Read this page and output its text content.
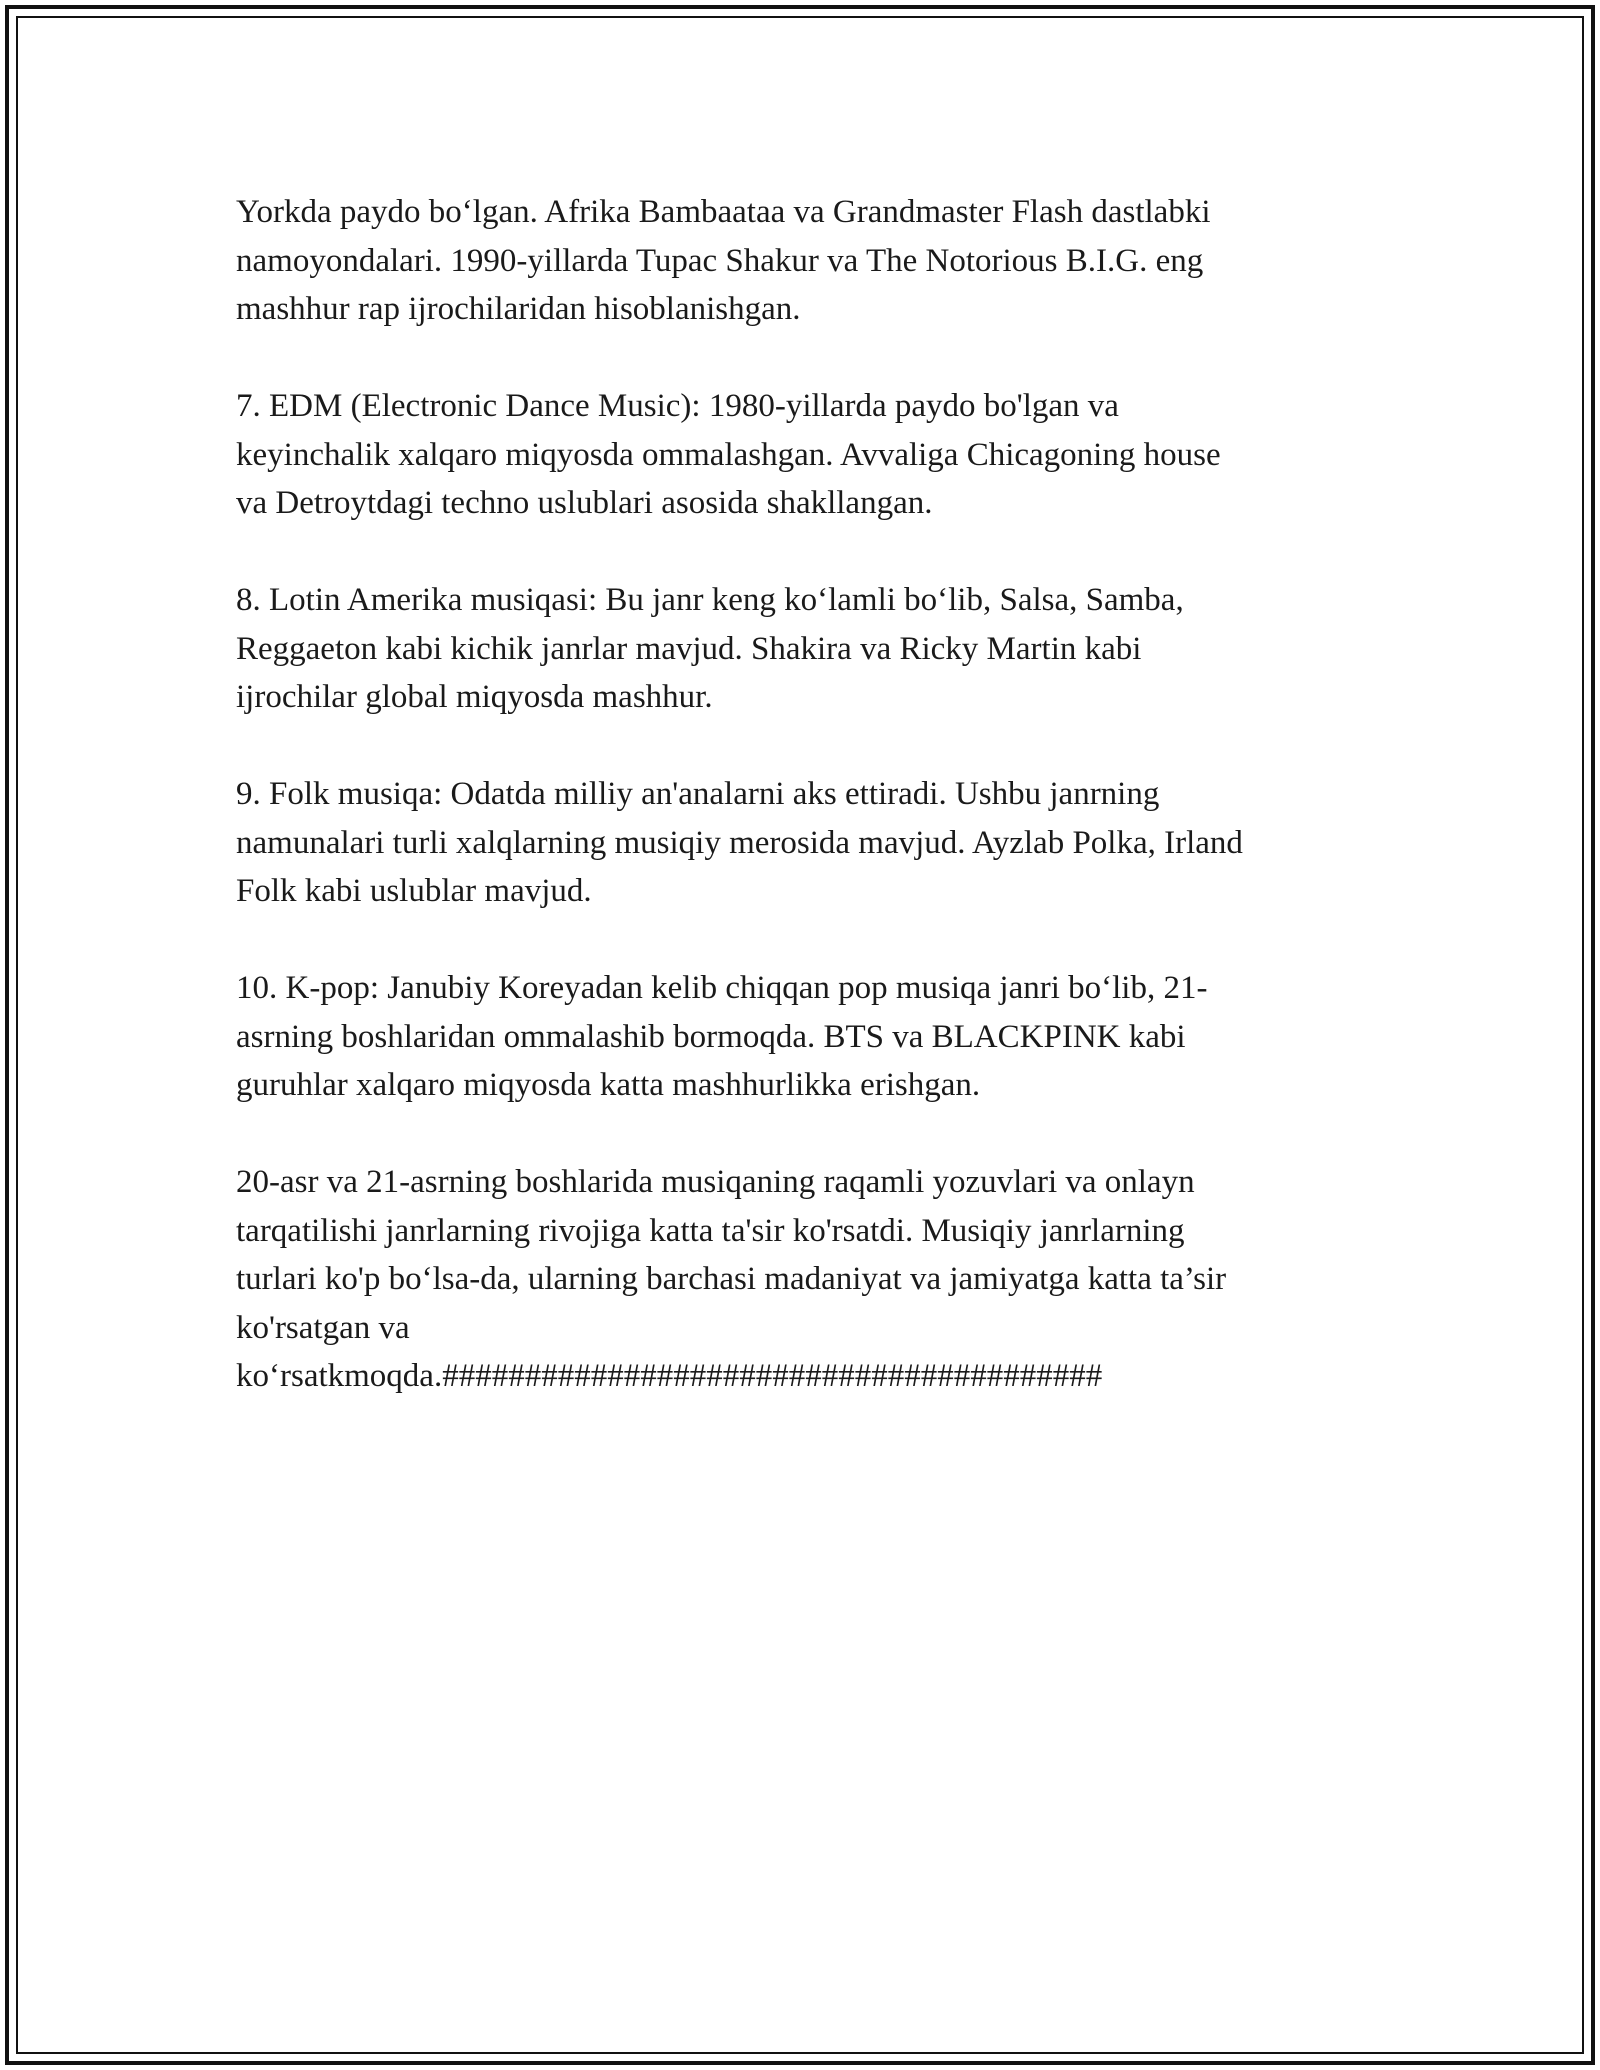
Yorkda paydo bo‘lgan. Afrika Bambaataa va Grandmaster Flash dastlabki
namoyondalari. 1990-yillarda Tupac Shakur va The Notorious B.I.G. eng
mashhur rap ijrochilaridan hisoblanishgan.

7. EDM (Electronic Dance Music): 1980-yillarda paydo bo'lgan va
keyinchalik xalqaro miqyosda ommalashgan. Avvaliga Chicagoning house
va Detroytdagi techno uslublari asosida shakllangan.

8. Lotin Amerika musiqasi: Bu janr keng ko‘lamli bo‘lib, Salsa, Samba,
Reggaeton kabi kichik janrlar mavjud. Shakira va Ricky Martin kabi
ijrochilar global miqyosda mashhur.

9. Folk musiqa: Odatda milliy an'analarni aks ettiradi. Ushbu janrning
namunalari turli xalqlarning musiqiy merosida mavjud. Ayzlab Polka, Irland
Folk kabi uslublar mavjud.

10. K-pop: Janubiy Koreyadan kelib chiqqan pop musiqa janri bo‘lib, 21-
asrning boshlaridan ommalashib bormoqda. BTS va BLACKPINK kabi
guruhlar xalqaro miqyosda katta mashhurlikka erishgan.

20-asr va 21-asrning boshlarida musiqaning raqamli yozuvlari va onlayn
tarqatilishi janrlarning rivojiga katta ta'sir ko'rsatdi. Musiqiy janrlarning
turlari ko'p bo‘lsa-da, ularning barchasi madaniyat va jamiyatga katta ta’sir
ko'rsatgan va
ko‘rsatkmoqda.########################################
